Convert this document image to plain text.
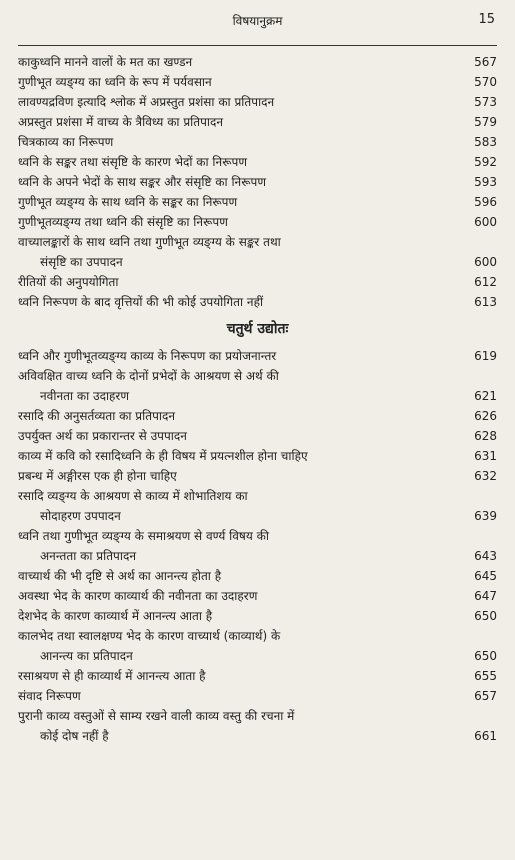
विषयानुक्रम	15
काकुध्वनि मानने वालों के मत का खण्डन	567
गुणीभूत व्यङ्ग्य का ध्वनि के रूप में पर्यवसान	570
लावण्यद्रविण इत्यादि श्लोक में अप्रस्तुत प्रशंसा का प्रतिपादन	573
अप्रस्तुत प्रशंसा में वाच्य के त्रैविध्य का प्रतिपादन	579
चित्रकाव्य का निरूपण	583
ध्वनि के सङ्कर तथा संसृष्टि के कारण भेदों का निरूपण	592
ध्वनि के अपने भेदों के साथ सङ्कर और संसृष्टि का निरूपण	593
गुणीभूत व्यङ्ग्य के साथ ध्वनि के सङ्कर का निरूपण	596
गुणीभूतव्यङ्ग्य तथा ध्वनि की संसृष्टि का निरूपण	600
वाच्यालङ्कारों के साथ ध्वनि तथा गुणीभूत व्यङ्ग्य के सङ्कर तथा
संसृष्टि का उपपादन	600
रीतियों की अनुपयोगिता	612
ध्वनि निरूपण के बाद वृत्तियों की भी कोई उपयोगिता नहीं	613
चतुर्थ उद्योतः
ध्वनि और गुणीभूतव्यङ्ग्य काव्य के निरूपण का प्रयोजनान्तर	619
अविवक्षित वाच्य ध्वनि के दोनों प्रभेदों के आश्रयण से अर्थ की
नवीनता का उदाहरण	621
रसादि की अनुसर्तव्यता का प्रतिपादन	626
उपर्युक्त अर्थ का प्रकारान्तर से उपपादन	628
काव्य में कवि को रसादिध्वनि के ही विषय में प्रयत्नशील होना चाहिए	631
प्रबन्ध में अङ्गीरस एक ही होना चाहिए	632
रसादि व्यङ्ग्य के आश्रयण से काव्य में शोभातिशय का
सोदाहरण उपपादन	639
ध्वनि तथा गुणीभूत व्यङ्ग्य के समाश्रयण से वर्ण्य विषय की
अनन्तता का प्रतिपादन	643
वाच्यार्थ की भी दृष्टि से अर्थ का आनन्त्य होता है	645
अवस्था भेद के कारण काव्यार्थ की नवीनता का उदाहरण	647
देशभेद के कारण काव्यार्थ में आनन्त्य आता है	650
कालभेद तथा स्वालक्षण्य भेद के कारण वाच्यार्थ (काव्यार्थ) के
आनन्त्य का प्रतिपादन	650
रसाश्रयण से ही काव्यार्थ में आनन्त्य आता है	655
संवाद निरूपण	657
पुरानी काव्य वस्तुओं से साम्य रखने वाली काव्य वस्तु की रचना में
कोई दोष नहीं है	661
